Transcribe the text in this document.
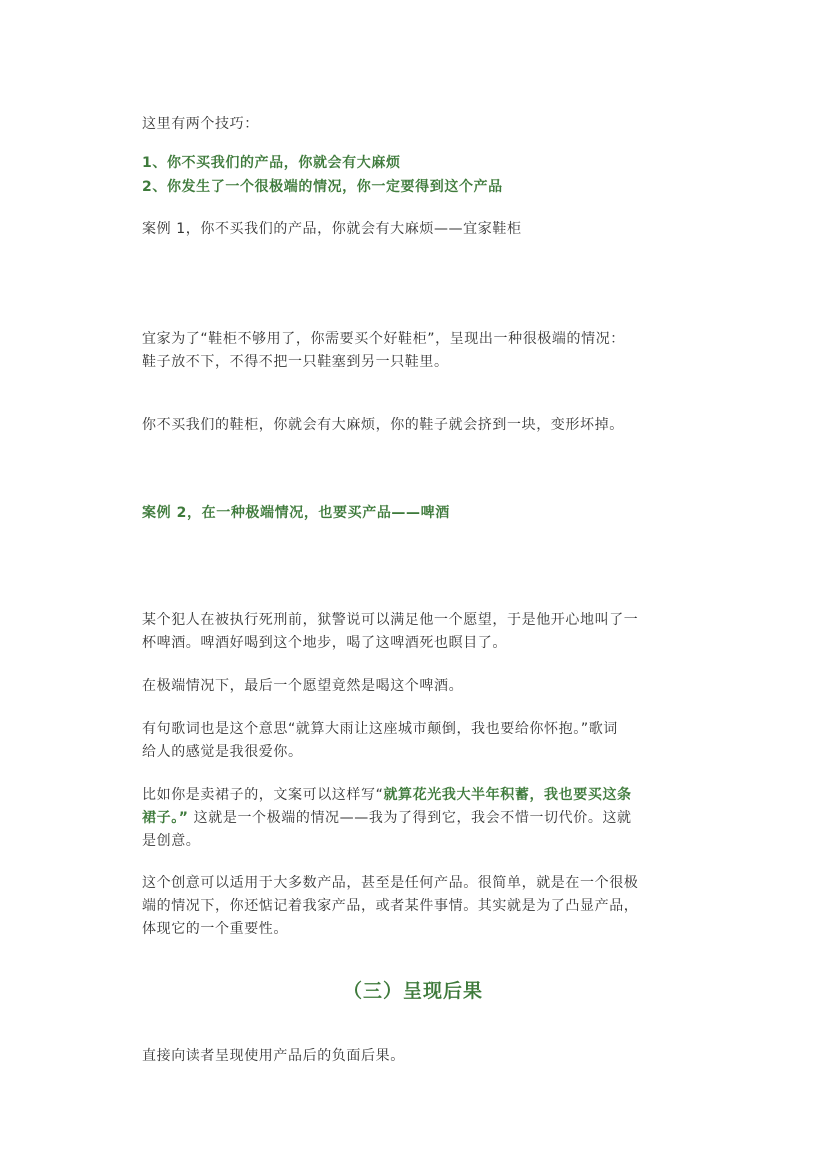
这里有两个技巧：
1、你不买我们的产品，你就会有大麻烦
2、你发生了一个很极端的情况，你一定要得到这个产品
案例 1，你不买我们的产品，你就会有大麻烦——宜家鞋柜
宜家为了“鞋柜不够用了，你需要买个好鞋柜”，呈现出一种很极端的情况：
鞋子放不下，不得不把一只鞋塞到另一只鞋里。
你不买我们的鞋柜，你就会有大麻烦，你的鞋子就会挤到一块，变形坏掉。
案例 2，在一种极端情况，也要买产品——啤酒
某个犯人在被执行死刑前，狱警说可以满足他一个愿望，于是他开心地叫了一
杯啤酒。啤酒好喝到这个地步，喝了这啤酒死也瞑目了。
在极端情况下，最后一个愿望竟然是喝这个啤酒。
有句歌词也是这个意思“就算大雨让这座城市颠倒，我也要给你怀抱。”歌词
给人的感觉是我很爱你。
比如你是卖裙子的，文案可以这样写“就算花光我大半年积蓄，我也要买这条
裙子。” 这就是一个极端的情况——我为了得到它，我会不惜一切代价。这就
是创意。
这个创意可以适用于大多数产品，甚至是任何产品。很简单，就是在一个很极
端的情况下，你还惦记着我家产品，或者某件事情。其实就是为了凸显产品，
体现它的一个重要性。
（三）呈现后果
直接向读者呈现使用产品后的负面后果。
